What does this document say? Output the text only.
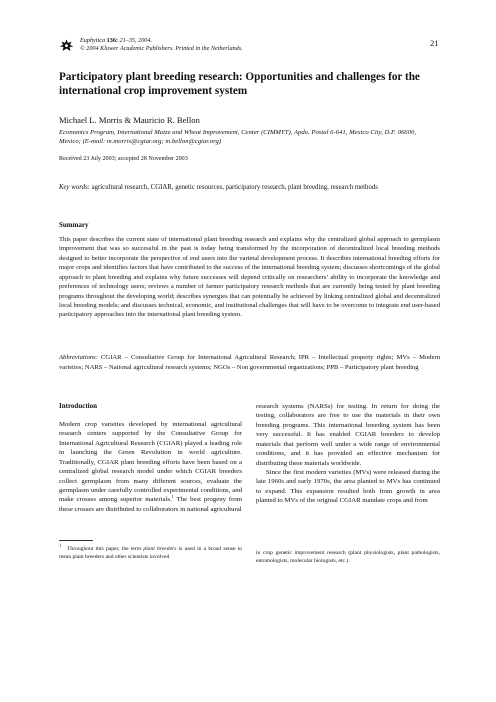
Euphytica 136: 21–35, 2004.
© 2004 Kluwer Academic Publishers. Printed in the Netherlands.
21
Participatory plant breeding research: Opportunities and challenges for the international crop improvement system
Michael L. Morris & Mauricio R. Bellon
Economics Program, International Maize and Wheat Improvement, Center (CIMMYT), Apdo. Postal 6-641, Mexico City, D.F. 06600, Mexico; (E-mail: m.morris@cgiar.org; m.bellon@cgiar.org)
Received 23 July 2003; accepted 28 November 2003
Key words: agricultural research, CGIAR, genetic resources, participatory research, plant breeding, research methods
Summary

This paper describes the current state of international plant breeding research and explains why the centralized global approach to germplasm improvement that was so successful in the past is today being transformed by the incorporation of decentralized local breeding methods designed to better incorporate the perspective of end users into the varietal development process. It describes international breeding efforts for major crops and identifies factors that have contributed to the success of the international breeding system; discusses shortcomings of the global approach to plant breeding and explains why future successes will depend critically on researchers’ ability to incorporate the knowledge and preferences of technology users; reviews a number of farmer participatory research methods that are currently being tested by plant breeding programs throughout the developing world; describes synergies that can potentially be achieved by linking centralized global and decentralized local breeding models; and discusses technical, economic, and institutional challenges that will have to be overcome to integrate end user-based participatory approaches into the international plant breeding system.

Abbreviations: CGIAR – Consultative Group for International Agricultural Research; IPR – Intellectual property rights; MVs – Modern varieties; NARS – National agricultural research systems; NGOs – Non governmental organizations; PPB – Participatory plant breeding

Introduction

Modern crop varieties developed by international agricultural research centers supported by the Consultative Group for International Agricultural Research (CGIAR) played a leading role in launching the Green Revolution in world agriculture. Traditionally, CGIAR plant breeding efforts have been based on a centralized global research model under which CGIAR breeders collect germplasm from many different sources, evaluate the germplasm under carefully controlled experimental conditions, and make crosses among superior materials.$^1$ The best progeny from these crosses are distributed to collaborators in national agricultural

research systems (NARSs) for testing. In return for doing the testing, collaborators are free to use the materials in their own breeding programs. This international breeding system has been very successful. It has enabled CGIAR breeders to develop materials that perform well under a wide range of environmental conditions, and it has provided an effective mechanism for distributing these materials worldwide.

Since the first modern varieties (MVs) were released during the late 1960s and early 1970s, the area planted to MVs has continued to expand. This expansion resulted both from growth in area planted to MVs of the original CGIAR mandate crops and from

$^1$Throughout this paper, the term plant breeders is used in a broad sense to mean plant breeders and other scientists involved

in crop genetic improvement research (plant physiologists, plant pathologists, entomologists, molecular biologists, etc.).
